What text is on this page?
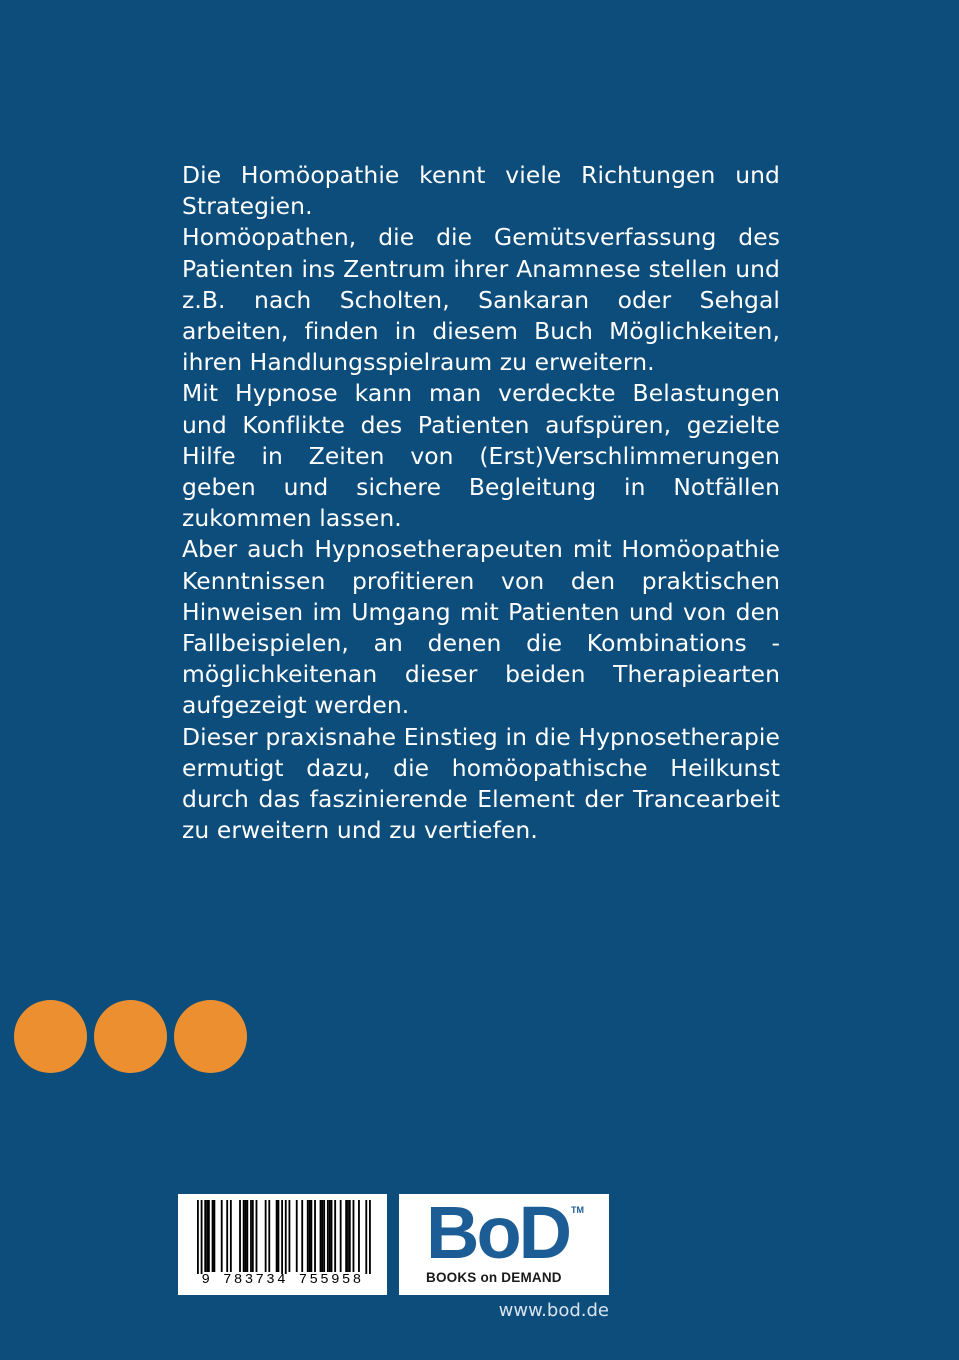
Die Homöopathie kennt viele Richtungen und Strategien.

Homöopathen, die die Gemütsverfassung des Patienten ins Zentrum ihrer Anamnese stellen und z.B. nach Scholten, Sankaran oder Sehgal arbeiten, finden in diesem Buch Möglichkeiten, ihren Handlungsspielraum zu erweitern.

Mit Hypnose kann man verdeckte Belastungen und Konflikte des Patienten aufspüren, gezielte Hilfe in Zeiten von (Erst)Verschlimmerungen geben und sichere Begleitung in Notfällen zukommen lassen.

Aber auch Hypnosetherapeuten mit Homöopathie Kenntnissen profitieren von den praktischen Hinweisen im Umgang mit Patienten und von den Fallbeispielen, an denen die Kombinations - möglichkeitenan dieser beiden Therapiearten aufgezeigt werden.

Dieser praxisnahe Einstieg in die Hypnosetherapie ermutigt dazu, die homöopathische Heilkunst durch das faszinierende Element der Trancearbeit zu erweitern und zu vertiefen.

9 783734 755958
BoD TM
BOOKS on DEMAND
www.bod.de
